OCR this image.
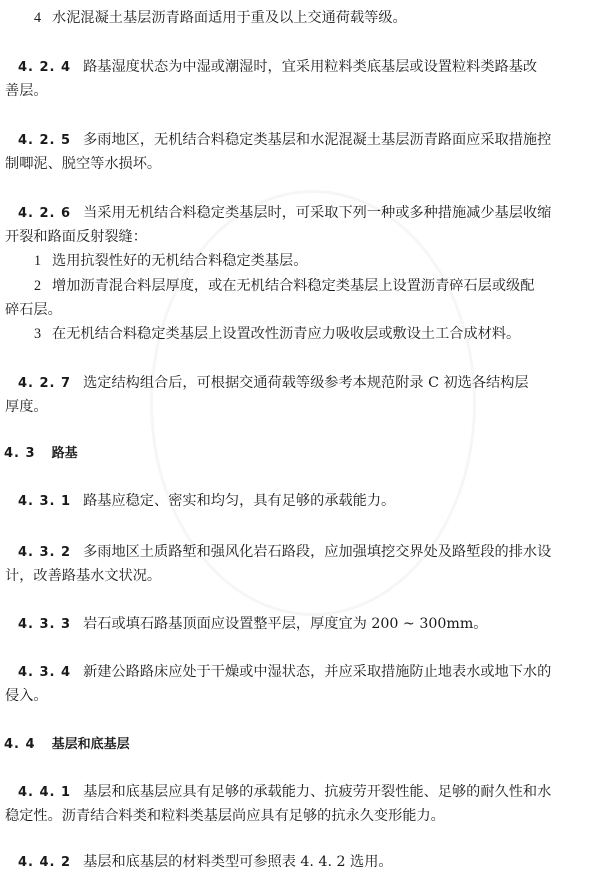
4 水泥混凝土基层沥青路面适用于重及以上交通荷载等级。
4. 2. 4 路基湿度状态为中湿或潮湿时，宜采用粒料类底基层或设置粒料类路基改
善层。
4. 2. 5 多雨地区，无机结合料稳定类基层和水泥混凝土基层沥青路面应采取措施控
制唧泥、脱空等水损坏。
4. 2. 6 当采用无机结合料稳定类基层时，可采取下列一种或多种措施减少基层收缩
开裂和路面反射裂缝：
1 选用抗裂性好的无机结合料稳定类基层。
2 增加沥青混合料层厚度，或在无机结合料稳定类基层上设置沥青碎石层或级配
碎石层。
3 在无机结合料稳定类基层上设置改性沥青应力吸收层或敷设土工合成材料。
4. 2. 7 选定结构组合后，可根据交通荷载等级参考本规范附录 C 初选各结构层
厚度。
4. 3 路基
4. 3. 1 路基应稳定、密实和均匀，具有足够的承载能力。
4. 3. 2 多雨地区土质路堑和强风化岩石路段，应加强填挖交界处及路堑段的排水设
计，改善路基水文状况。
4. 3. 3 岩石或填石路基顶面应设置整平层，厚度宜为 200 ~ 300mm。
4. 3. 4 新建公路路床应处于干燥或中湿状态，并应采取措施防止地表水或地下水的
侵入。
4. 4 基层和底基层
4. 4. 1 基层和底基层应具有足够的承载能力、抗疲劳开裂性能、足够的耐久性和水
稳定性。沥青结合料类和粒料类基层尚应具有足够的抗永久变形能力。
4. 4. 2 基层和底基层的材料类型可参照表 4. 4. 2 选用。
